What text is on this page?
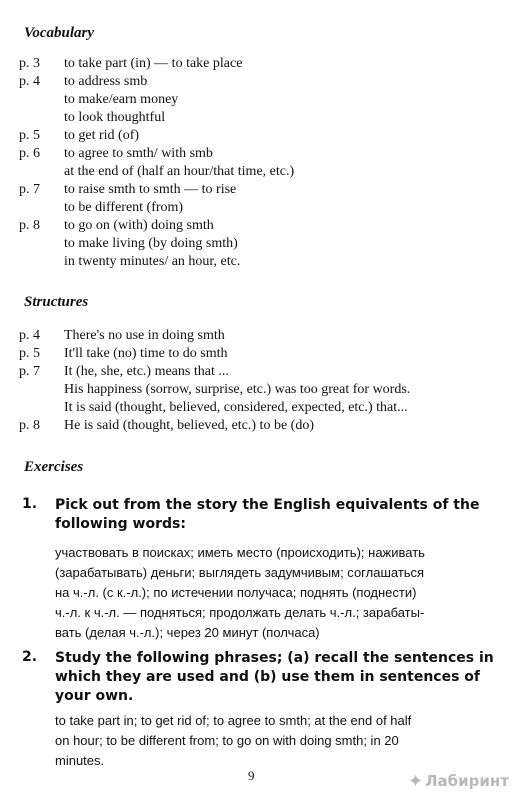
Vocabulary
p. 3 to take part (in) — to take place
p. 4 to address smb
to make/earn money
to look thoughtful
p. 5 to get rid (of)
p. 6 to agree to smth/ with smb
at the end of (half an hour/that time, etc.)
p. 7 to raise smth to smth — to rise
to be different (from)
p. 8 to go on (with) doing smth
to make living (by doing smth)
in twenty minutes/ an hour, etc.
Structures
p. 4 There's no use in doing smth
p. 5 It'll take (no) time to do smth
p. 7 It (he, she, etc.) means that ...
His happiness (sorrow, surprise, etc.) was too great for words.
It is said (thought, believed, considered, expected, etc.) that...
p. 8 He is said (thought, believed, etc.) to be (do)
Exercises
1. Pick out from the story the English equivalents of the
following words:
участвовать в поисках; иметь место (происходить); наживать
(зарабатывать) деньги; выглядеть задумчивым; соглашаться
на ч.-л. (с к.-л.); по истечении получаса; поднять (поднести)
ч.-л. к ч.-л. — подняться; продолжать делать ч.-л.; зарабаты-
вать (делая ч.-л.); через 20 минут (полчаса)
2. Study the following phrases; (a) recall the sentences in
which they are used and (b) use them in sentences of
your own.
to take part in; to get rid of; to agree to smth; at the end of half
on hour; to be different from; to go on with doing smth; in 20
minutes.
9	✦ Лабиринт
